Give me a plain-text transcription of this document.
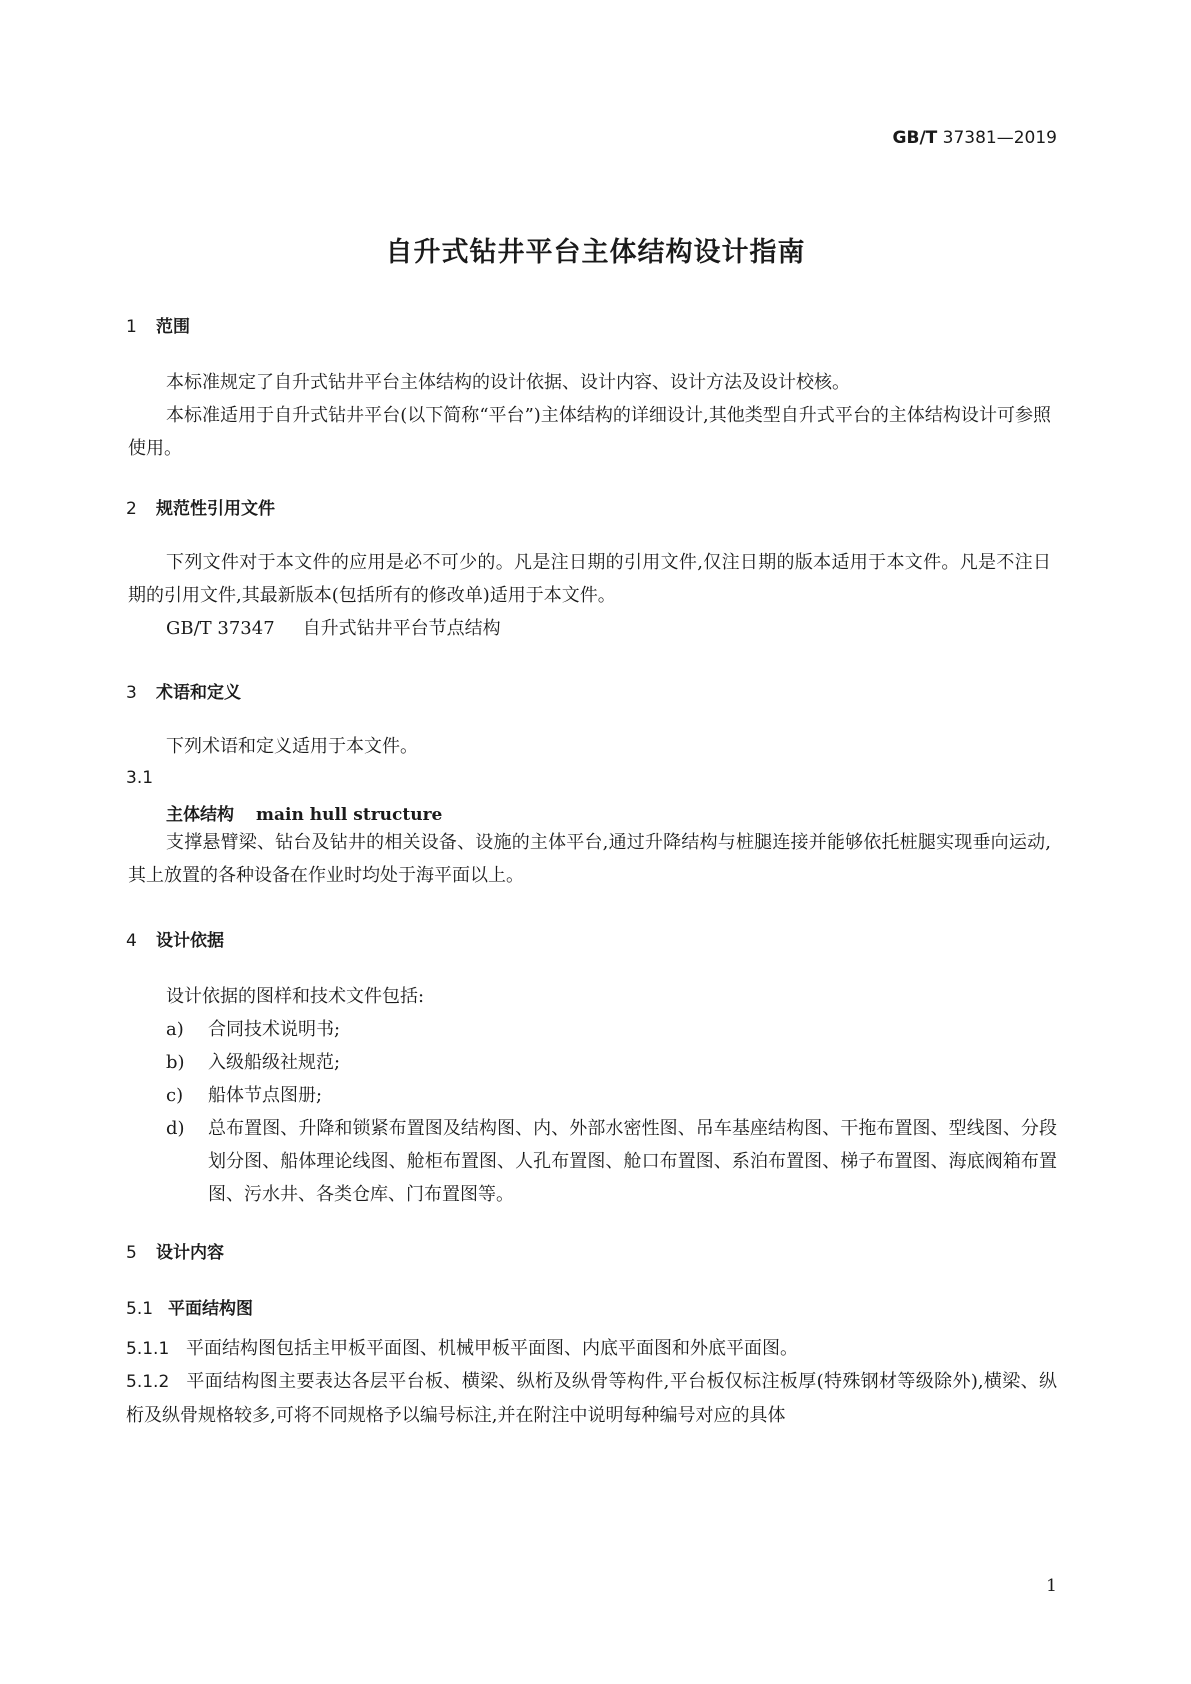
GB/T 37381—2019
自升式钻井平台主体结构设计指南
1 范围
本标准规定了自升式钻井平台主体结构的设计依据、设计内容、设计方法及设计校核。
本标准适用于自升式钻井平台(以下简称“平台”)主体结构的详细设计,其他类型自升式平台的主体结构设计可参照使用。
2 规范性引用文件
下列文件对于本文件的应用是必不可少的。凡是注日期的引用文件,仅注日期的版本适用于本文件。凡是不注日期的引用文件,其最新版本(包括所有的修改单)适用于本文件。
GB/T 37347 自升式钻井平台节点结构
3 术语和定义
下列术语和定义适用于本文件。
3.1
主体结构 main hull structure
支撑悬臂梁、钻台及钻井的相关设备、设施的主体平台,通过升降结构与桩腿连接并能够依托桩腿实现垂向运动,其上放置的各种设备在作业时均处于海平面以上。
4 设计依据
设计依据的图样和技术文件包括:
a) 合同技术说明书;
b) 入级船级社规范;
c) 船体节点图册;
d) 总布置图、升降和锁紧布置图及结构图、内、外部水密性图、吊车基座结构图、干拖布置图、型线图、分段划分图、船体理论线图、舱柜布置图、人孔布置图、舱口布置图、系泊布置图、梯子布置图、海底阀箱布置图、污水井、各类仓库、门布置图等。
5 设计内容
5.1 平面结构图
5.1.1 平面结构图包括主甲板平面图、机械甲板平面图、内底平面图和外底平面图。
5.1.2 平面结构图主要表达各层平台板、横梁、纵桁及纵骨等构件,平台板仅标注板厚(特殊钢材等级除外),横梁、纵桁及纵骨规格较多,可将不同规格予以编号标注,并在附注中说明每种编号对应的具体
1
